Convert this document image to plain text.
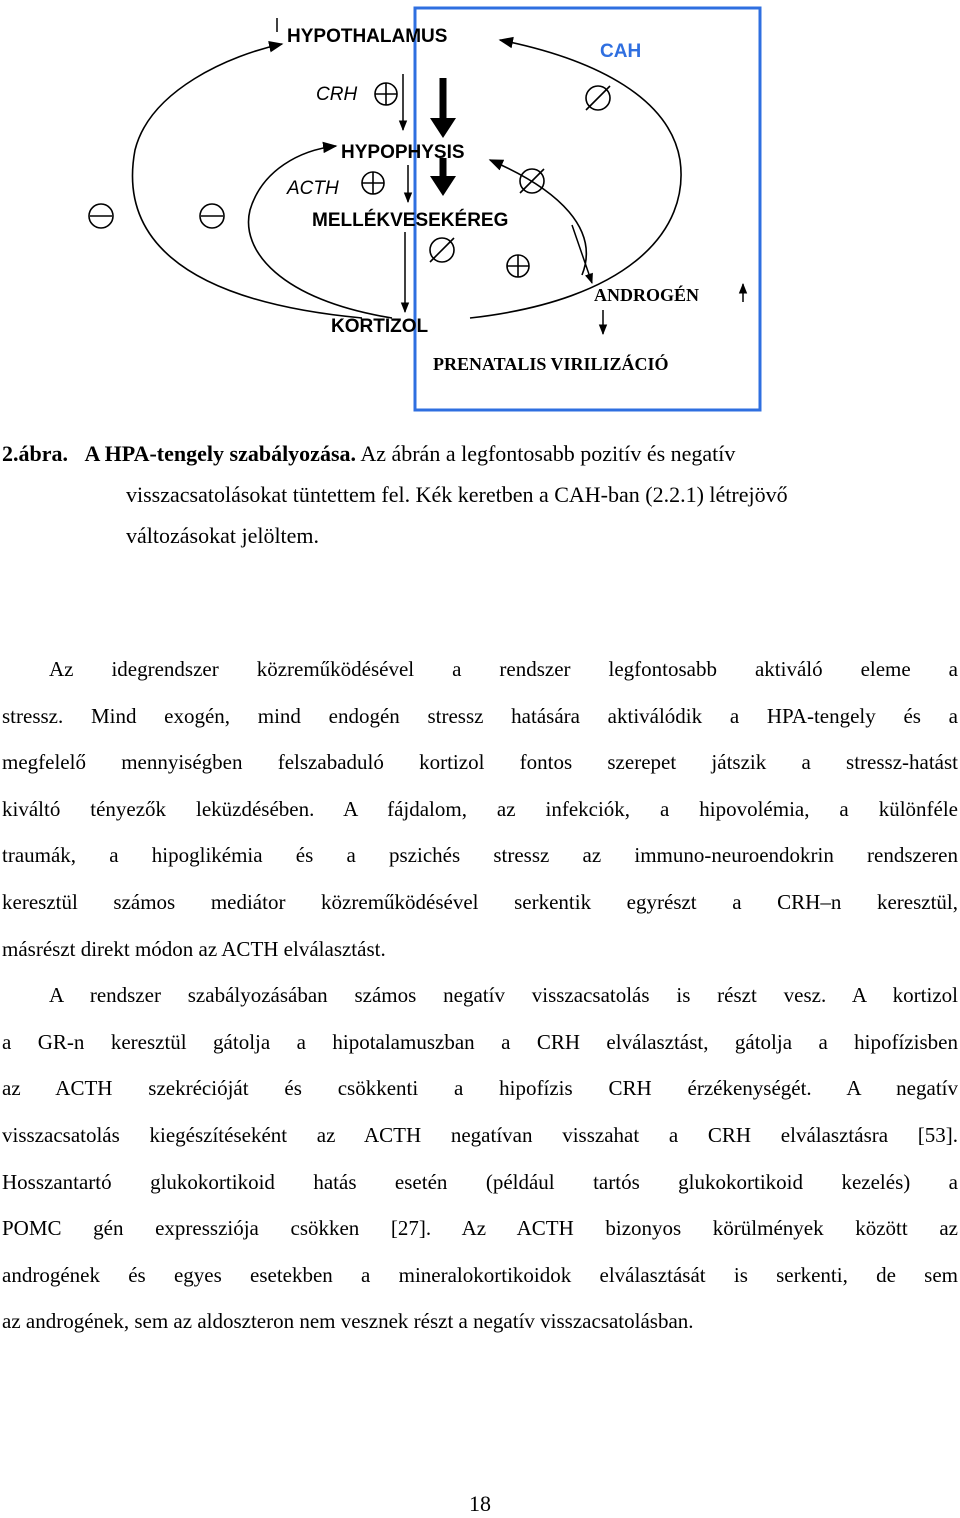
HYPOTHALAMUS
CAH
CRH
HYPOPHYSIS
ACTH
MELLÉKVESEKÉREG
ANDROGÉN
KORTIZOL
PRENATALIS VIRILIZÁCIÓ
2.ábra. A HPA-tengely szabályozása. Az ábrán a legfontosabb pozitív és negatív
visszacsatolásokat tüntettem fel. Kék keretben a CAH-ban (2.2.1) létrejövő
változásokat jelöltem.
Az idegrendszer közreműködésével a rendszer legfontosabb aktiváló eleme a
stressz. Mind exogén, mind endogén stressz hatására aktiválódik a HPA-tengely és a
megfelelő mennyiségben felszabaduló kortizol fontos szerepet játszik a stressz-hatást
kiváltó tényezők leküzdésében. A fájdalom, az infekciók, a hipovolémia, a különféle
traumák, a hipoglikémia és a pszichés stressz az immuno-neuroendokrin rendszeren
keresztül számos mediátor közreműködésével serkentik egyrészt a CRH–n keresztül,
másrészt direkt módon az ACTH elválasztást.
A rendszer szabályozásában számos negatív visszacsatolás is részt vesz. A kortizol
a GR-n keresztül gátolja a hipotalamuszban a CRH elválasztást, gátolja a hipofízisben
az ACTH szekrécióját és csökkenti a hipofízis CRH érzékenységét. A negatív
visszacsatolás kiegészítéseként az ACTH negatívan visszahat a CRH elválasztásra [53].
Hosszantartó glukokortikoid hatás esetén (például tartós glukokortikoid kezelés) a
POMC gén expressziója csökken [27]. Az ACTH bizonyos körülmények között az
androgének és egyes esetekben a mineralokortikoidok elválasztását is serkenti, de sem
az androgének, sem az aldoszteron nem vesznek részt a negatív visszacsatolásban.
18
